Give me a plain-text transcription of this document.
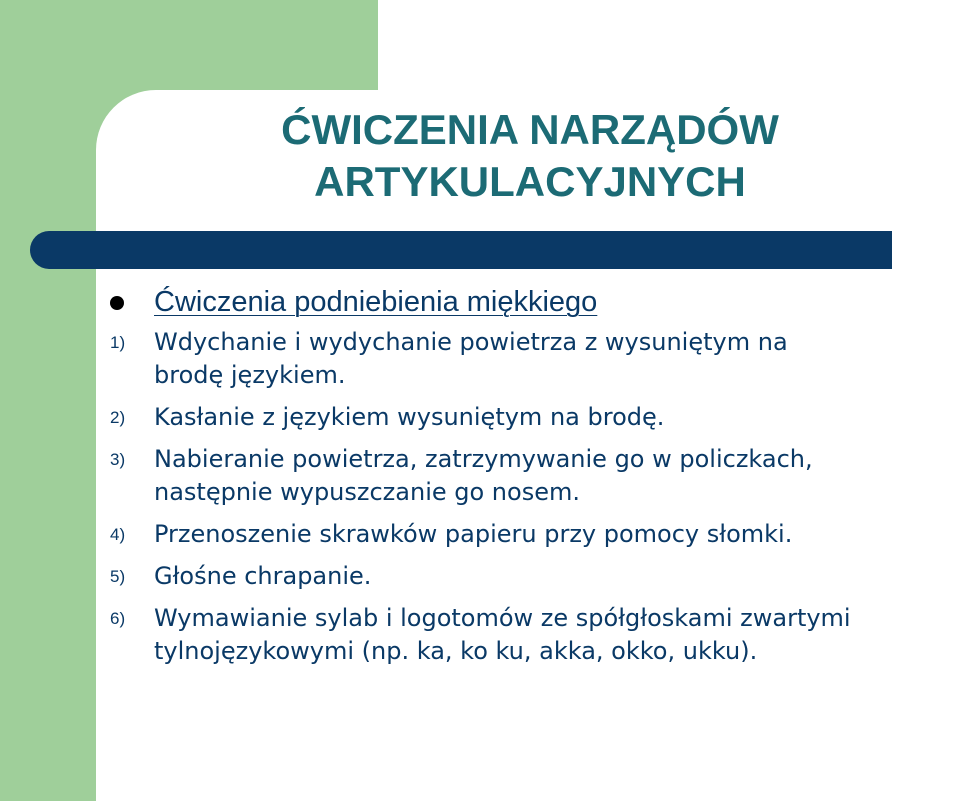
ĆWICZENIA NARZĄDÓW
ARTYKULACYJNYCH
Ćwiczenia podniebienia miękkiego
1) Wdychanie i wydychanie powietrza z wysuniętym na
brodę językiem.
2) Kasłanie z językiem wysuniętym na brodę.
3) Nabieranie powietrza, zatrzymywanie go w policzkach,
następnie wypuszczanie go nosem.
4) Przenoszenie skrawków papieru przy pomocy słomki.
5) Głośne chrapanie.
6) Wymawianie sylab i logotomów ze spółgłoskami zwartymi
tylnojęzykowymi (np. ka, ko ku, akka, okko, ukku).
